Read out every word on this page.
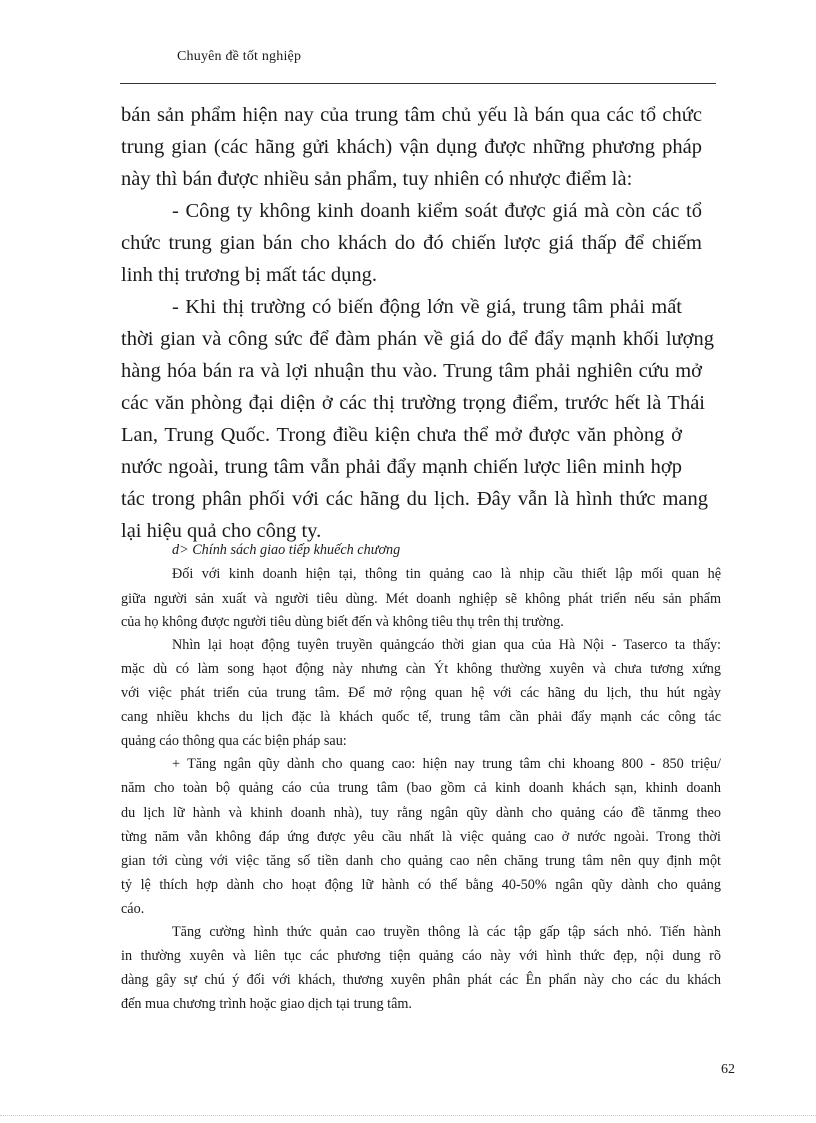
Chuyên đề tốt nghiệp

bán sản phẩm hiện nay của trung tâm chủ yếu là bán qua các tổ chức

trung gian (các hãng gửi khách) vận dụng được những phương pháp

này thì bán được nhiều sản phẩm, tuy nhiên có nhược điểm là:

- Công ty không kinh doanh kiểm soát được giá mà còn các tổ

chức trung gian bán cho khách do đó chiến lược giá thấp để chiếm

linh thị trương bị mất tác dụng.

- Khi thị trường có biến động lớn về giá, trung tâm phải mất

thời gian và công sức để đàm phán về giá do để đẩy mạnh khối lượng

hàng hóa bán ra và lợi nhuận thu vào. Trung tâm phải nghiên cứu mở

các văn phòng đại diện ở các thị trường trọng điểm, trước hết là Thái

Lan, Trung Quốc. Trong điều kiện chưa thể mở được văn phòng ở

nước ngoài, trung tâm vẫn phải đẩy mạnh chiến lược liên minh hợp

tác trong phân phối với các hãng du lịch. Đây vẫn là hình thức mang

lại hiệu quả cho công ty.

d> Chính sách giao tiếp khuếch chương

Đối với kinh doanh hiện tại, thông tin quảng cao là nhịp cầu thiết lập mối quan hệ

giữa người sản xuất và người tiêu dùng. Mét doanh nghiệp sẽ không phát triển nếu sản phẩm

của họ không được người tiêu dùng biết đến và không tiêu thụ trên thị trường.

Nhìn lại hoạt động tuyên truyền quảngcáo thời gian qua của Hà Nội - Taserco ta thấy:

mặc dù có làm song hạot động này nhưng càn Ýt không thường xuyên và chưa tương xứng

với việc phát triển của trung tâm. Để mở rộng quan hệ với các hãng du lịch, thu hút ngày

cang nhiều khchs du lịch đặc là khách quốc tế, trung tâm cần phải đẩy mạnh các công tác

quảng cáo thông qua các biện pháp sau:

+ Tăng ngân qũy dành cho quang cao: hiện nay trung tâm chi khoang 800 - 850 triệu/

năm cho toàn bộ quảng cáo của trung tâm (bao gồm cả kinh doanh khách sạn, khinh doanh

du lịch lữ hành và khinh doanh nhà), tuy rằng ngân qũy dành cho quảng cáo đề tănmg theo

từng năm vẫn không đáp ứng được yêu cầu nhất là việc quảng cao ở nước ngoài. Trong thời

gian tới cùng với việc tăng số tiền danh cho quảng cao nên chăng trung tâm nên quy định một

tỷ lệ thích hợp dành cho hoạt động lữ hành có thể bằng 40-50% ngân qũy dành cho quảng

cáo.

Tăng cường hình thức quản cao truyền thông là các tập gấp tập sách nhỏ. Tiến hành

in thường xuyên và liên tục các phương tiện quảng cáo này với hình thức đẹp, nội dung rõ

dàng gây sự chú ý đối với khách, thương xuyên phân phát các Ên phẩn này cho các du khách

đến mua chương trình hoặc giao dịch tại trung tâm.

62
